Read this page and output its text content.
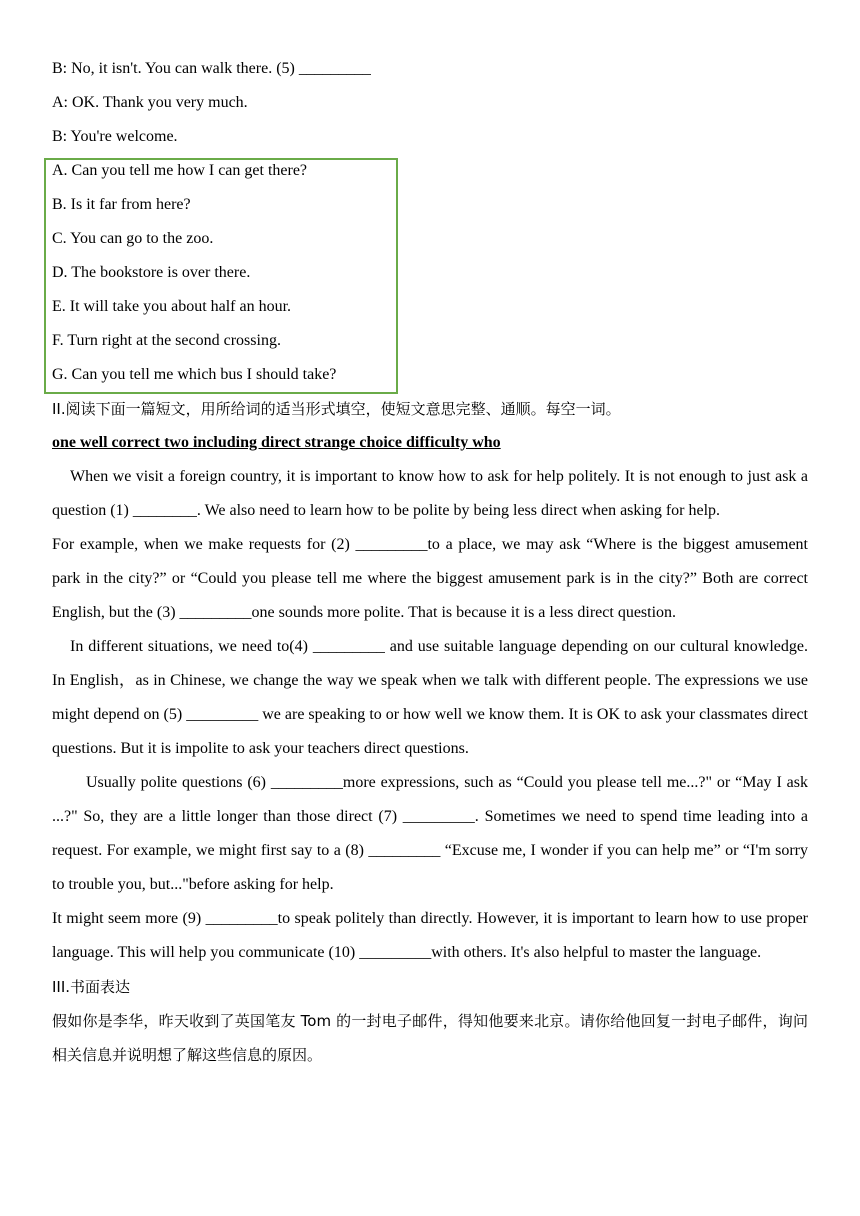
B: No, it isn't. You can walk there. (5) _________
A: OK. Thank you very much.
B: You're welcome.
A. Can you tell me how I can get there?
B. Is it far from here?
C. You can go to the zoo.
D. The bookstore is over there.
E. It will take you about half an hour.
F. Turn right at the second crossing.
G. Can you tell me which bus I should take?
II.阅读下面一篇短文，用所给词的适当形式填空，使短文意思完整、通顺。每空一词。
one well correct two including direct strange choice difficulty who
When we visit a foreign country, it is important to know how to ask for help politely. It is not enough to just ask a question (1) ________. We also need to learn how to be polite by being less direct when asking for help.
For example, when we make requests for (2) _________to a place, we may ask “Where is the biggest amusement park in the city?” or “Could you please tell me where the biggest amusement park is in the city?” Both are correct English, but the (3) _________one sounds more polite. That is because it is a less direct question.
In different situations, we need to(4) _________ and use suitable language depending on our cultural knowledge. In English，as in Chinese, we change the way we speak when we talk with different people. The expressions we use might depend on (5) _________ we are speaking to or how well we know them. It is OK to ask your classmates direct questions. But it is impolite to ask your teachers direct questions.
Usually polite questions (6) _________more expressions, such as “Could you please tell me...?" or “May I ask ...?" So, they are a little longer than those direct (7) _________. Sometimes we need to spend time leading into a request. For example, we might first say to a (8) _________ “Excuse me, I wonder if you can help me” or “I'm sorry to trouble you, but..."before asking for help.
It might seem more (9) _________to speak politely than directly. However, it is important to learn how to use proper language. This will help you communicate (10) _________with others. It's also helpful to master the language.
III.书面表达
假如你是李华，昨天收到了英国笔友 Tom 的一封电子邮件，得知他要来北京。请你给他回复一封电子邮件，询问相关信息并说明想了解这些信息的原因。
